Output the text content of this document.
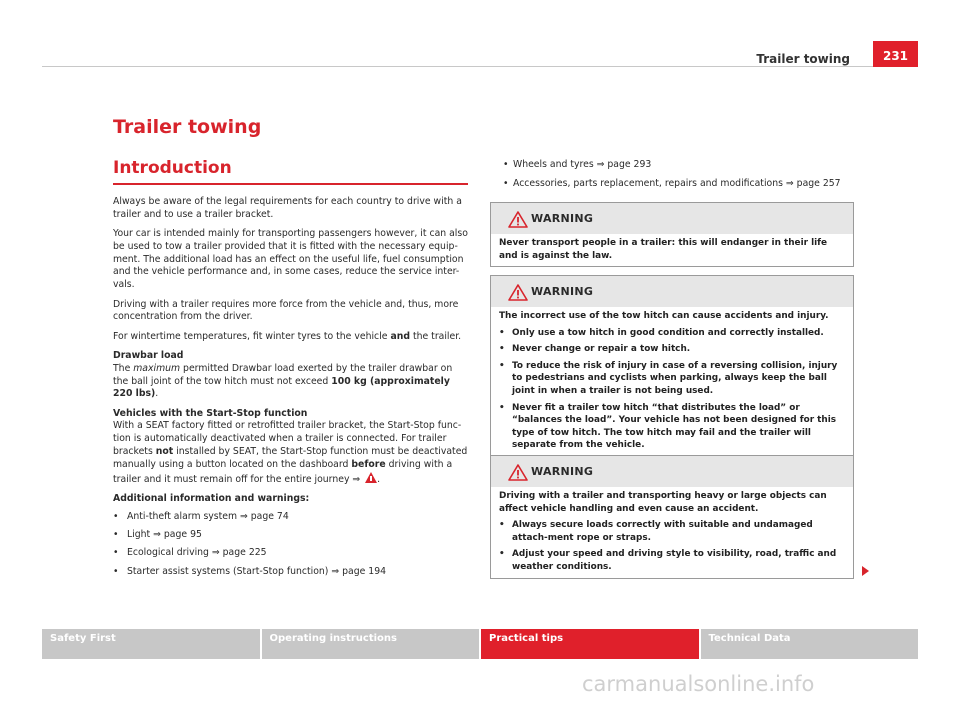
Trailer towing	231
Trailer towing
Introduction

Always be aware of the legal requirements for each country to drive with a trailer and to use a trailer bracket.

Your car is intended mainly for transporting passengers however, it can also be used to tow a trailer provided that it is fitted with the necessary equip-ment. The additional load has an effect on the useful life, fuel consumption and the vehicle performance and, in some cases, reduce the service inter-vals.

Driving with a trailer requires more force from the vehicle and, thus, more concentration from the driver.

For wintertime temperatures, fit winter tyres to the vehicle and the trailer.

Drawbar load

The maximum permitted Drawbar load exerted by the trailer drawbar on the ball joint of the tow hitch must not exceed 100 kg (approximately 220 lbs).

Vehicles with the Start-Stop function

With a SEAT factory fitted or retrofitted trailer bracket, the Start-Stop func-tion is automatically deactivated when a trailer is connected. For trailer brackets not installed by SEAT, the Start-Stop function must be deactivated manually using a button located on the dashboard before driving with a trailer and it must remain off for the entire journey ⇒ .

Additional information and warnings:

• Anti-theft alarm system ⇒ page 74
• Light ⇒ page 95
• Ecological driving ⇒ page 225
• Starter assist systems (Start-Stop function) ⇒ page 194
• Wheels and tyres ⇒ page 293
• Accessories, parts replacement, repairs and modifications ⇒ page 257
WARNING

Never transport people in a trailer: this will endanger in their life and is against the law.

WARNING

The incorrect use of the tow hitch can cause accidents and injury.

• Only use a tow hitch in good condition and correctly installed.
• Never change or repair a tow hitch.
• To reduce the risk of injury in case of a reversing collision, injury to pedestrians and cyclists when parking, always keep the ball joint in when a trailer is not being used.
• Never fit a trailer tow hitch “that distributes the load” or “balances the load”. Your vehicle has not been designed for this type of tow hitch. The tow hitch may fail and the trailer will separate from the vehicle.
WARNING

Driving with a trailer and transporting heavy or large objects can affect vehicle handling and even cause an accident.

• Always secure loads correctly with suitable and undamaged attach-ment rope or straps.
• Adjust your speed and driving style to visibility, road, traffic and weather conditions.
Safety First	Operating instructions	Practical tips	Technical Data
carmanualsonline.info
